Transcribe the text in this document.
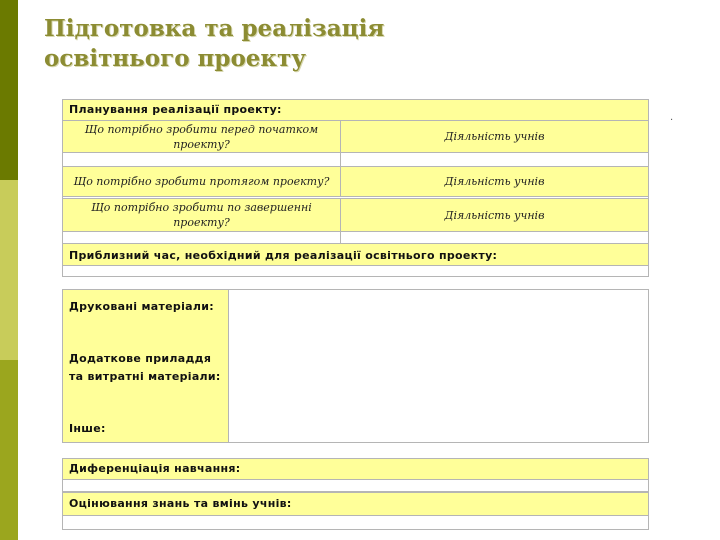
Підготовка та реалізація
освітнього проекту
.
Планування реалізації проекту:
Що потрібно зробити перед початком проекту?
Діяльність учнів
Що потрібно зробити протягом проекту?	Діяльність учнів
Що потрібно зробити по завершенні проекту?
Діяльність учнів
Приблизний час, необхідний для реалізації освітнього проекту:
Друковані матеріали:
Додаткове приладдя та витратні матеріали:
Інше:
Диференціація навчання:
Оцінювання знань та вмінь учнів:
